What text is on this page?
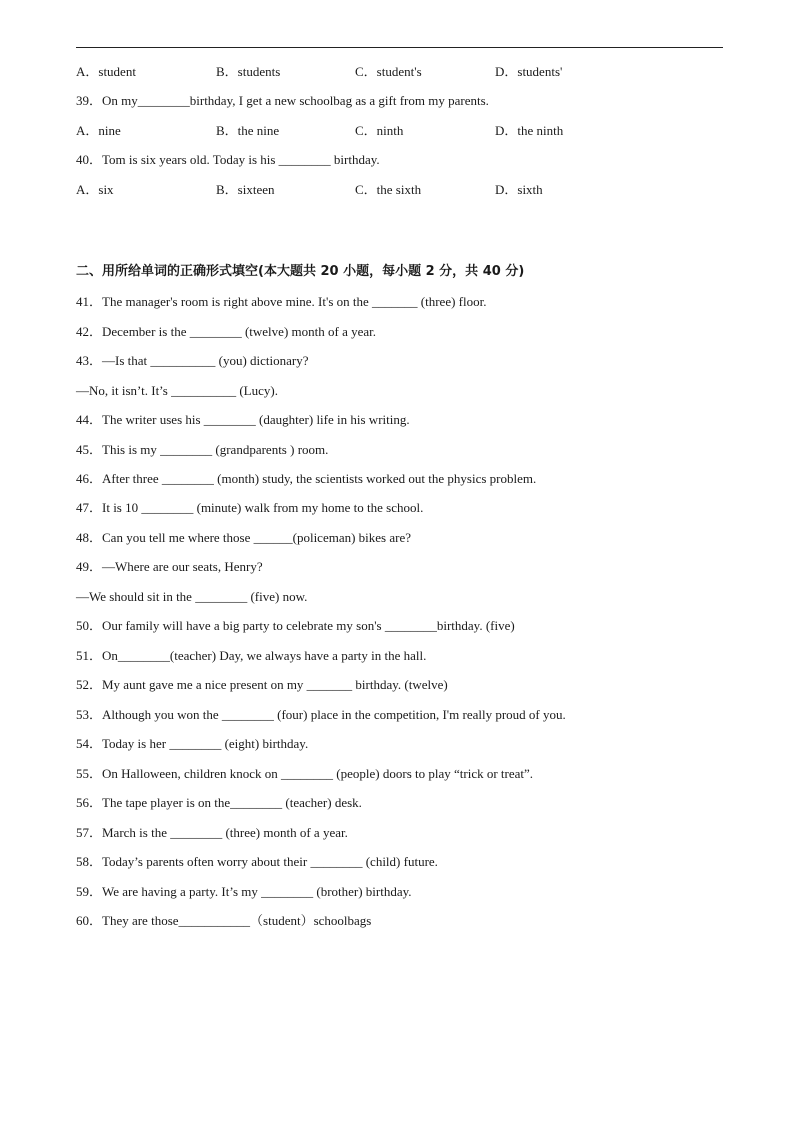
A．student	B．students	C．student's	D．students'
39．On my________birthday, I get a new schoolbag as a gift from my parents.
A．nine	B．the nine	C．ninth	D．the ninth
40．Tom is six years old. Today is his ________ birthday.
A．six	B．sixteen	C．the sixth	D．sixth
二、用所给单词的正确形式填空(本大题共 20 小题，每小题 2 分，共 40 分)
41．The manager's room is right above mine. It's on the _______ (three) floor.
42．December is the ________ (twelve) month of a year.
43．—Is that __________ (you) dictionary?
—No, it isn’t. It’s __________ (Lucy).
44．The writer uses his ________ (daughter) life in his writing.
45．This is my ________ (grandparents ) room.
46．After three ________ (month) study, the scientists worked out the physics problem.
47．It is 10 ________ (minute) walk from my home to the school.
48．Can you tell me where those ______(policeman) bikes are?
49．—Where are our seats, Henry?
—We should sit in the ________ (five) now.
50．Our family will have a big party to celebrate my son's ________birthday. (five)
51．On________(teacher) Day, we always have a party in the hall.
52．My aunt gave me a nice present on my _______ birthday. (twelve)
53．Although you won the ________ (four) place in the competition, I'm really proud of you.
54．Today is her ________ (eight) birthday.
55．On Halloween, children knock on ________ (people) doors to play “trick or treat”.
56．The tape player is on the________ (teacher) desk.
57．March is the ________ (three) month of a year.
58．Today’s parents often worry about their ________ (child) future.
59．We are having a party. It’s my ________ (brother) birthday.
60．They are those___________（student）schoolbags
